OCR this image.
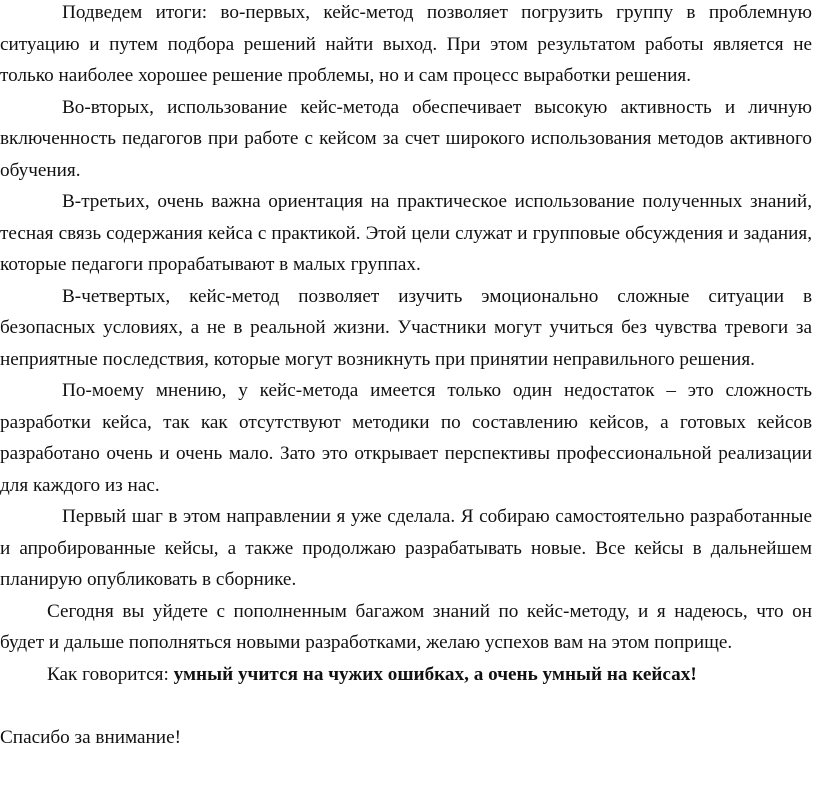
Подведем итоги: во-первых, кейс-метод позволяет погрузить группу в проблемную ситуацию и путем подбора решений найти выход. При этом результатом работы является не только наиболее хорошее решение проблемы, но и сам процесс выработки решения.

Во-вторых, использование кейс-метода обеспечивает высокую активность и личную включенность педагогов при работе с кейсом за счет широкого использования методов активного обучения.

В-третьих, очень важна ориентация на практическое использование полученных знаний, тесная связь содержания кейса с практикой. Этой цели служат и групповые обсуждения и задания, которые педагоги прорабатывают в малых группах.

В-четвертых, кейс-метод позволяет изучить эмоционально сложные ситуации в безопасных условиях, а не в реальной жизни. Участники могут учиться без чувства тревоги за неприятные последствия, которые могут возникнуть при принятии неправильного решения.

По-моему мнению, у кейс-метода имеется только один недостаток – это сложность разработки кейса, так как отсутствуют методики по составлению кейсов, а готовых кейсов разработано очень и очень мало. Зато это открывает перспективы профессиональной реализации для каждого из нас.

Первый шаг в этом направлении я уже сделала. Я собираю самостоятельно разработанные и апробированные кейсы, а также продолжаю разрабатывать новые. Все кейсы в дальнейшем планирую опубликовать в сборнике.

Сегодня вы уйдете с пополненным багажом знаний по кейс-методу, и я надеюсь, что он будет и дальше пополняться новыми разработками, желаю успехов вам на этом поприще.

Как говорится: умный учится на чужих ошибках, а очень умный на кейсах!

Спасибо за внимание!
